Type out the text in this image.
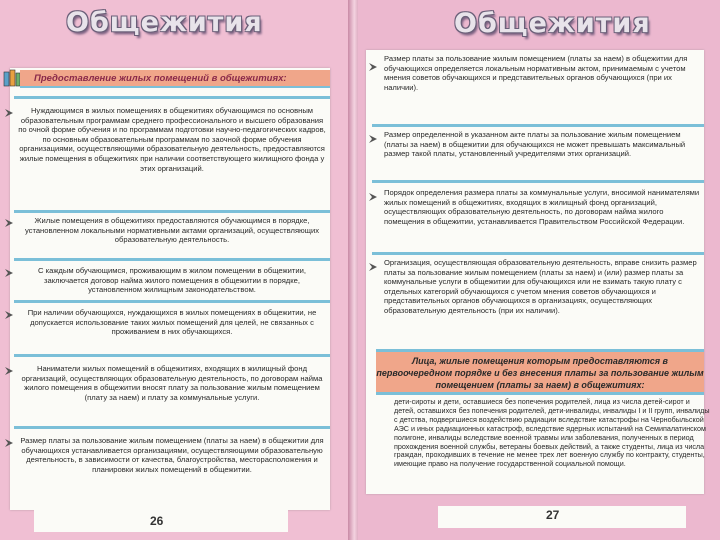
Общежития
Предоставление жилых помещений в общежитиях:
Нуждающимся в жилых помещениях в общежитиях обучающимся по основным образовательным программам среднего профессионального и высшего образования по очной форме обучения и по программам подготовки научно-педагогических кадров, по основным образовательным программам по заочной форме обучения организациями, осуществляющими образовательную деятельность, предоставляются жилые помещения в общежитиях при наличии соответствующего жилищного фонда у этих организаций.
Жилые помещения в общежитиях предоставляются обучающимся в порядке, установленном локальными нормативными актами организаций, осуществляющих образовательную деятельность.
С каждым обучающимся, проживающим в жилом помещении в общежитии, заключается договор найма жилого помещения в общежитии в порядке, установленном жилищным законодательством.
При наличии обучающихся, нуждающихся в жилых помещениях в общежитии, не допускается использование таких жилых помещений для целей, не связанных с проживанием в них обучающихся.
Наниматели жилых помещений в общежитиях, входящих в жилищный фонд организаций, осуществляющих образовательную деятельность, по договорам найма жилого помещения в общежитии вносят плату за пользование жилым помещением (плату за наем) и плату за коммунальные услуги.
Размер платы за пользование жилым помещением (платы за наем) в общежитии для обучающихся устанавливается организациями, осуществляющими образовательную деятельность, в зависимости от качества, благоустройства, месторасположения и планировки жилых помещений в общежитии.
26
Общежития
Размер платы за пользование жилым помещением (платы за наем) в общежитии для обучающихся определяется локальным нормативным актом, принимаемым с учетом мнения советов обучающихся и представительных органов обучающихся (при их наличии).
Размер определенной в указанном акте платы за пользование жилым помещением (платы за наем) в общежитии для обучающихся не может превышать максимальный размер такой платы, установленный учредителями этих организаций.
Порядок определения размера платы за коммунальные услуги, вносимой нанимателями жилых помещений в общежитиях, входящих в жилищный фонд организаций, осуществляющих образовательную деятельность, по договорам найма жилого помещения в общежитии, устанавливается Правительством Российской Федерации.
Организация, осуществляющая образовательную деятельность, вправе снизить размер платы за пользование жилым помещением (платы за наем) и (или) размер платы за коммунальные услуги в общежитии для обучающихся или не взимать такую плату с отдельных категорий обучающихся с учетом мнения советов обучающихся и представительных органов обучающихся в организациях, осуществляющих образовательную деятельность (при их наличии).
27
Лица, жилые помещения которым предоставляются в первоочередном порядке и без внесения платы за пользование жилым помещением (платы за наем) в общежитиях:
дети-сироты и дети, оставшиеся без попечения родителей, лица из числа детей-сирот и детей, оставшихся без попечения родителей, дети-инвалиды, инвалиды I и II групп, инвалиды с детства, подвергшиеся воздействию радиации вследствие катастрофы на Чернобыльской АЭС и иных радиационных катастроф, вследствие ядерных испытаний на Семипалатинском полигоне, инвалиды вследствие военной травмы или заболевания, полученных в период прохождения военной службы, ветераны боевых действий, а также студенты, лица из числа граждан, проходивших в течение не менее трех лет военную службу по контракту, студенты, имеющие право на получение государственной социальной помощи.
